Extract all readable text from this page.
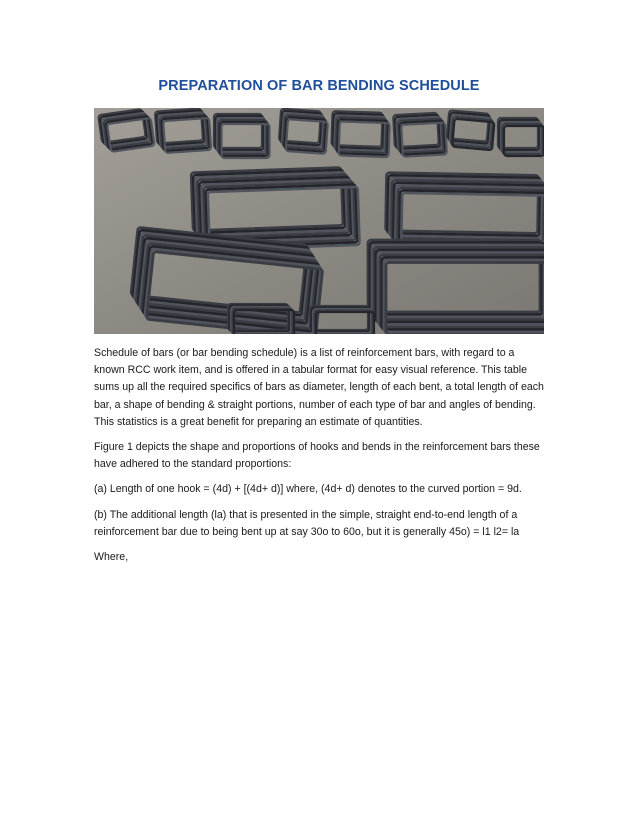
PREPARATION OF BAR BENDING SCHEDULE

Schedule of bars (or bar bending schedule) is a list of reinforcement bars, with regard to a known RCC work item, and is offered in a tabular format for easy visual reference. This table sums up all the required specifics of bars as diameter, length of each bent, a total length of each bar, a shape of bending & straight portions, number of each type of bar and angles of bending. This statistics is a great benefit for preparing an estimate of quantities.

Figure 1 depicts the shape and proportions of hooks and bends in the reinforcement bars these have adhered to the standard proportions:

(a) Length of one hook = (4d) + [(4d+ d)] where, (4d+ d) denotes to the curved portion = 9d.

(b) The additional length (la) that is presented in the simple, straight end-to-end length of a reinforcement bar due to being bent up at say 30o to 60o, but it is generally 45o) = l1 l2= la

Where,
